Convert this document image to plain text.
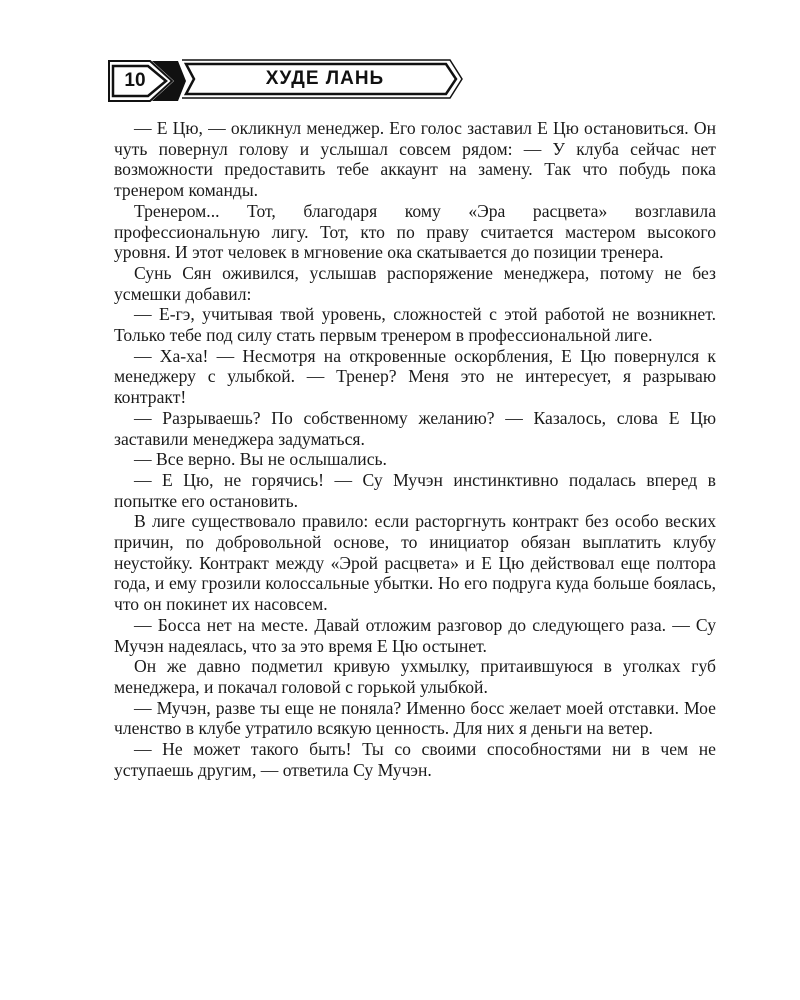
10	ХУДЕ ЛАНЬ

— Е Цю, — окликнул менеджер. Его голос заставил Е Цю остановиться. Он чуть повернул голову и услышал совсем рядом: — У клуба сейчас нет возможности предоставить тебе аккаунт на замену. Так что побудь пока тренером команды.

Тренером... Тот, благодаря кому «Эра расцвета» возглавила профессиональную лигу. Тот, кто по праву считается мастером высокого уровня. И этот человек в мгновение ока скатывается до позиции тренера.

Сунь Сян оживился, услышав распоряжение менеджера, потому не без усмешки добавил:

— Е-гэ, учитывая твой уровень, сложностей с этой работой не возникнет. Только тебе под силу стать первым тренером в профессиональной лиге.

— Ха-ха! — Несмотря на откровенные оскорбления, Е Цю повернулся к менеджеру с улыбкой. — Тренер? Меня это не интересует, я разрываю контракт!

— Разрываешь? По собственному желанию? — Казалось, слова Е Цю заставили менеджера задуматься.

— Все верно. Вы не ослышались.

— Е Цю, не горячись! — Су Мучэн инстинктивно подалась вперед в попытке его остановить.

В лиге существовало правило: если расторгнуть контракт без особо веских причин, по добровольной основе, то инициатор обязан выплатить клубу неустойку. Контракт между «Эрой расцвета» и Е Цю действовал еще полтора года, и ему грозили колоссальные убытки. Но его подруга куда больше боялась, что он покинет их насовсем.

— Босса нет на месте. Давай отложим разговор до следующего раза. — Су Мучэн надеялась, что за это время Е Цю остынет.

Он же давно подметил кривую ухмылку, притаившуюся в уголках губ менеджера, и покачал головой с горькой улыбкой.

— Мучэн, разве ты еще не поняла? Именно босс желает моей отставки. Мое членство в клубе утратило всякую ценность. Для них я деньги на ветер.

— Не может такого быть! Ты со своими способностями ни в чем не уступаешь другим, — ответила Су Мучэн.
